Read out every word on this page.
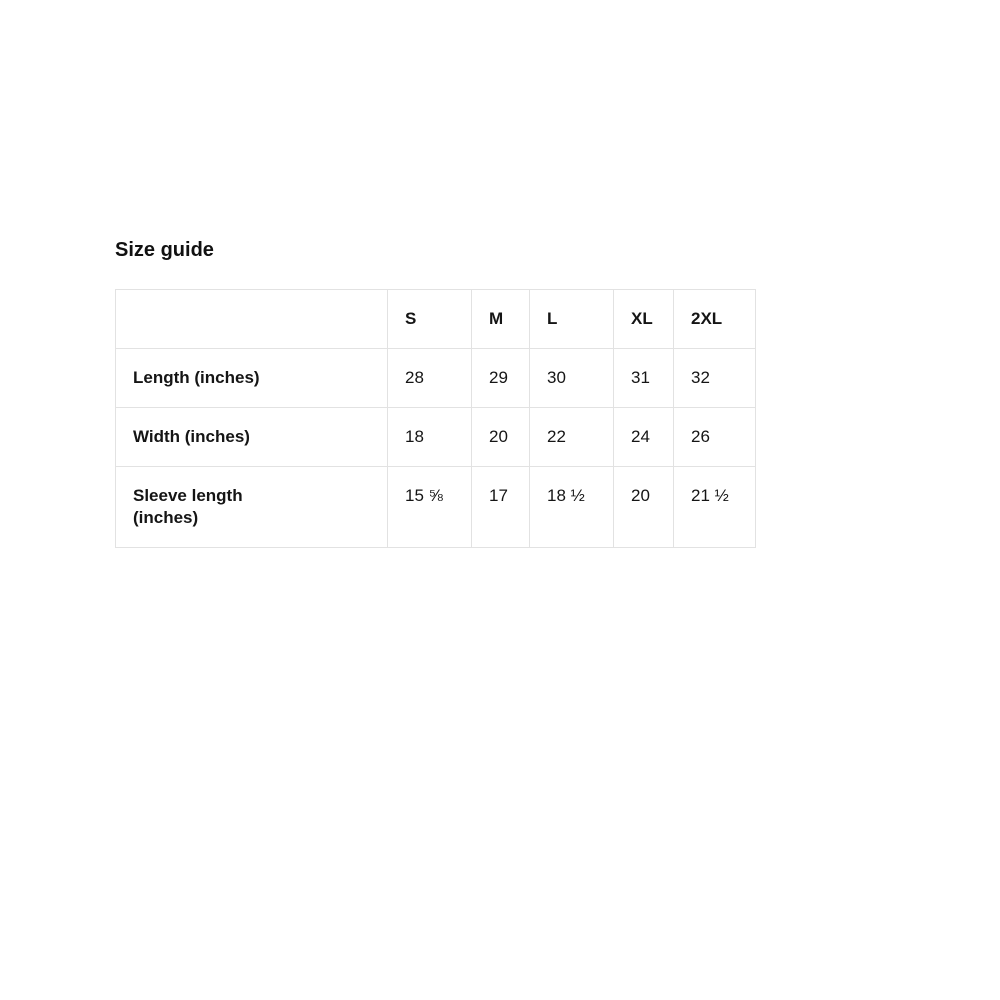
Size guide
	S	M	L	XL	2XL
Length (inches)	28	29	30	31	32
Width (inches)	18	20	22	24	26
Sleeve length (inches)	15 ⅝	17	18 ½	20	21 ½
